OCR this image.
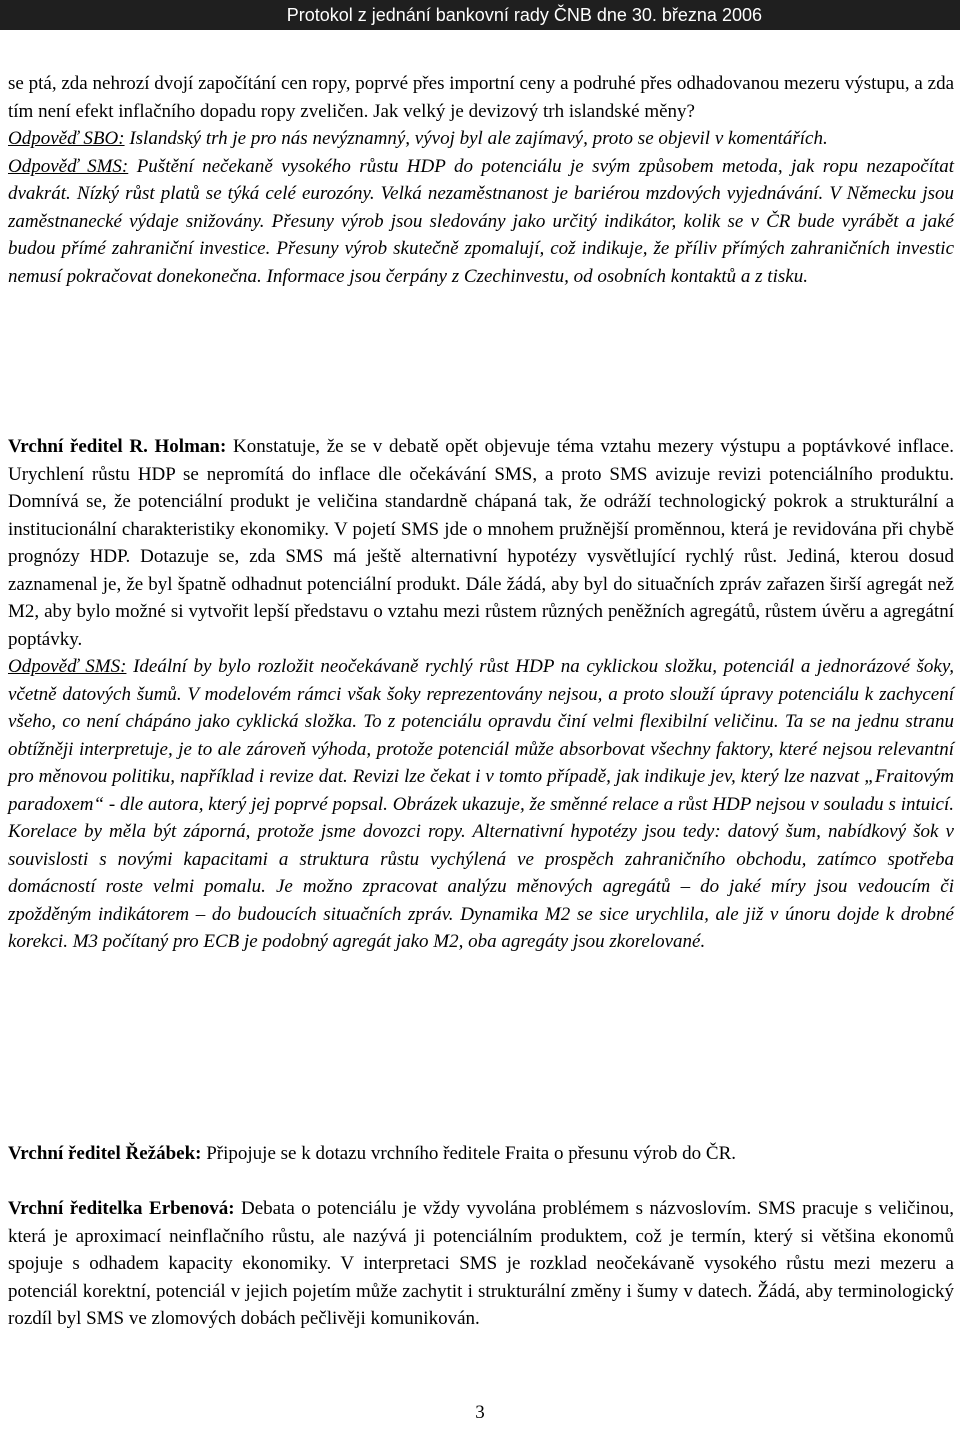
Protokol z jednání bankovní rady ČNB dne 30. března 2006

se ptá, zda nehrozí dvojí započítání cen ropy, poprvé přes importní ceny a podruhé přes odhadovanou mezeru výstupu, a zda tím není efekt inflačního dopadu ropy zveličen. Jak velký je devizový trh islandské měny?

Odpověď SBO: Islandský trh je pro nás nevýznamný, vývoj byl ale zajímavý, proto se objevil v komentářích.

Odpověď SMS: Puštění nečekaně vysokého růstu HDP do potenciálu je svým způsobem metoda, jak ropu nezapočítat dvakrát. Nízký růst platů se týká celé eurozóny. Velká nezaměstnanost je bariérou mzdových vyjednávání. V Německu jsou zaměstnanecké výdaje snižovány. Přesuny výrob jsou sledovány jako určitý indikátor, kolik se v ČR bude vyrábět a jaké budou přímé zahraniční investice. Přesuny výrob skutečně zpomalují, což indikuje, že příliv přímých zahraničních investic nemusí pokračovat donekonečna. Informace jsou čerpány z Czechinvestu, od osobních kontaktů a z tisku.

Vrchní ředitel R. Holman: Konstatuje, že se v debatě opět objevuje téma vztahu mezery výstupu a poptávkové inflace. Urychlení růstu HDP se nepromítá do inflace dle očekávání SMS, a proto SMS avizuje revizi potenciálního produktu. Domnívá se, že potenciální produkt je veličina standardně chápaná tak, že odráží technologický pokrok a strukturální a institucionální charakteristiky ekonomiky. V pojetí SMS jde o mnohem pružnější proměnnou, která je revidována při chybě prognózy HDP. Dotazuje se, zda SMS má ještě alternativní hypotézy vysvětlující rychlý růst. Jediná, kterou dosud zaznamenal je, že byl špatně odhadnut potenciální produkt. Dále žádá, aby byl do situačních zpráv zařazen širší agregát než M2, aby bylo možné si vytvořit lepší představu o vztahu mezi růstem různých peněžních agregátů, růstem úvěru a agregátní poptávky.

Odpověď SMS: Ideální by bylo rozložit neočekávaně rychlý růst HDP na cyklickou složku, potenciál a jednorázové šoky, včetně datových šumů. V modelovém rámci však šoky reprezentovány nejsou, a proto slouží úpravy potenciálu k zachycení všeho, co není chápáno jako cyklická složka. To z potenciálu opravdu činí velmi flexibilní veličinu. Ta se na jednu stranu obtížněji interpretuje, je to ale zároveň výhoda, protože potenciál může absorbovat všechny faktory, které nejsou relevantní pro měnovou politiku, například i revize dat. Revizi lze čekat i v tomto případě, jak indikuje jev, který lze nazvat „Fraitovým paradoxem“ - dle autora, který jej poprvé popsal. Obrázek ukazuje, že směnné relace a růst HDP nejsou v souladu s intuicí. Korelace by měla být záporná, protože jsme dovozci ropy. Alternativní hypotézy jsou tedy: datový šum, nabídkový šok v souvislosti s novými kapacitami a struktura růstu vychýlená ve prospěch zahraničního obchodu, zatímco spotřeba domácností roste velmi pomalu. Je možno zpracovat analýzu měnových agregátů – do jaké míry jsou vedoucím či zpožděným indikátorem – do budoucích situačních zpráv. Dynamika M2 se sice urychlila, ale již v únoru dojde k drobné korekci. M3 počítaný pro ECB je podobný agregát jako M2, oba agregáty jsou zkorelované.

Vrchní ředitel Řežábek: Připojuje se k dotazu vrchního ředitele Fraita o přesunu výrob do ČR.

Vrchní ředitelka Erbenová: Debata o potenciálu je vždy vyvolána problémem s názvoslovím. SMS pracuje s veličinou, která je aproximací neinflačního růstu, ale nazývá ji potenciálním produktem, což je termín, který si většina ekonomů spojuje s odhadem kapacity ekonomiky. V interpretaci SMS je rozklad neočekávaně vysokého růstu mezi mezeru a potenciál korektní, potenciál v jejich pojetím může zachytit i strukturální změny i šumy v datech. Žádá, aby terminologický rozdíl byl SMS ve zlomových dobách pečlivěji komunikován.

3
